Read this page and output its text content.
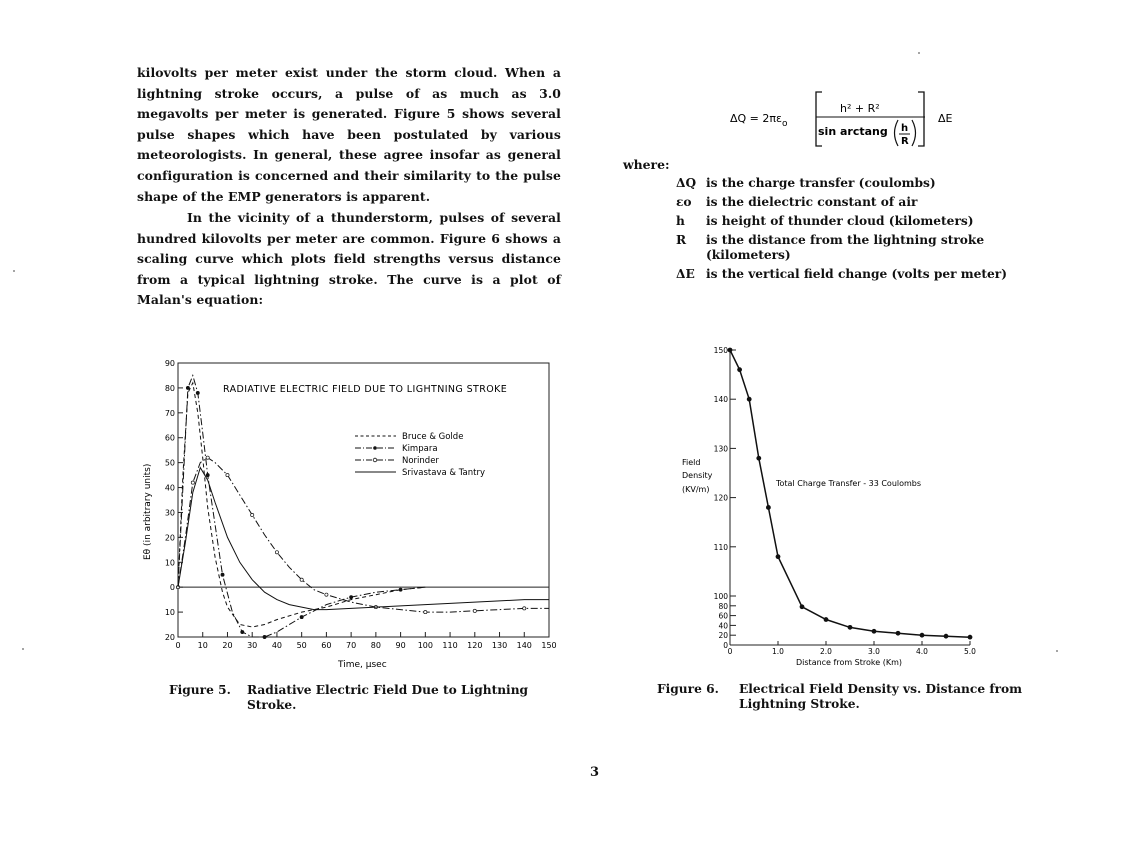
kilovolts per meter exist under the storm cloud. When a lightning stroke occurs, a pulse of as much as 3.0 megavolts per meter is generated. Figure 5 shows several pulse shapes which have been postulated by various meteorologists. In general, these agree insofar as general configuration is concerned and their similarity to the pulse shape of the EMP generators is apparent.
In the vicinity of a thunderstorm, pulses of several hundred kilovolts per meter are common. Figure 6 shows a scaling curve which plots field strengths versus distance from a typical lightning stroke. The curve is a plot of Malan's equation:
ΔQ = 2πε o
h² + R²
sin arctang h
R
ΔE
where:
ΔQ is the charge transfer (coulombs)
εo	is the dielectric constant of air
h	is height of thunder cloud (kilometers)
R	is the distance from the lightning stroke (kilometers)
ΔE is the vertical field change (volts per meter)
RADIATIVE ELECTRIC FIELD DUE TO LIGHTNING STROKE
Eθ (in arbitrary units)
Time, μsec
90
80
70
60
50
40
30
20
10
0
10
20
0 10 20 30 40 50 60 70 80 90 100 110 120 130 140 150
Bruce & Golde
Kimpara
Norinder
Srivastava & Tantry
Field
Density
(KV/m)
Total Charge Transfer - 33 Coulombs
Distance from Stroke (Km)
150
140
130
120
110
100
80
60
40
20
0
0	1.0	2.0	3.0	4.0	5.0
Figure 5. Radiative Electric Field Due to Lightning Stroke.
Figure 6. Electrical Field Density vs. Distance from Lightning Stroke.
3
